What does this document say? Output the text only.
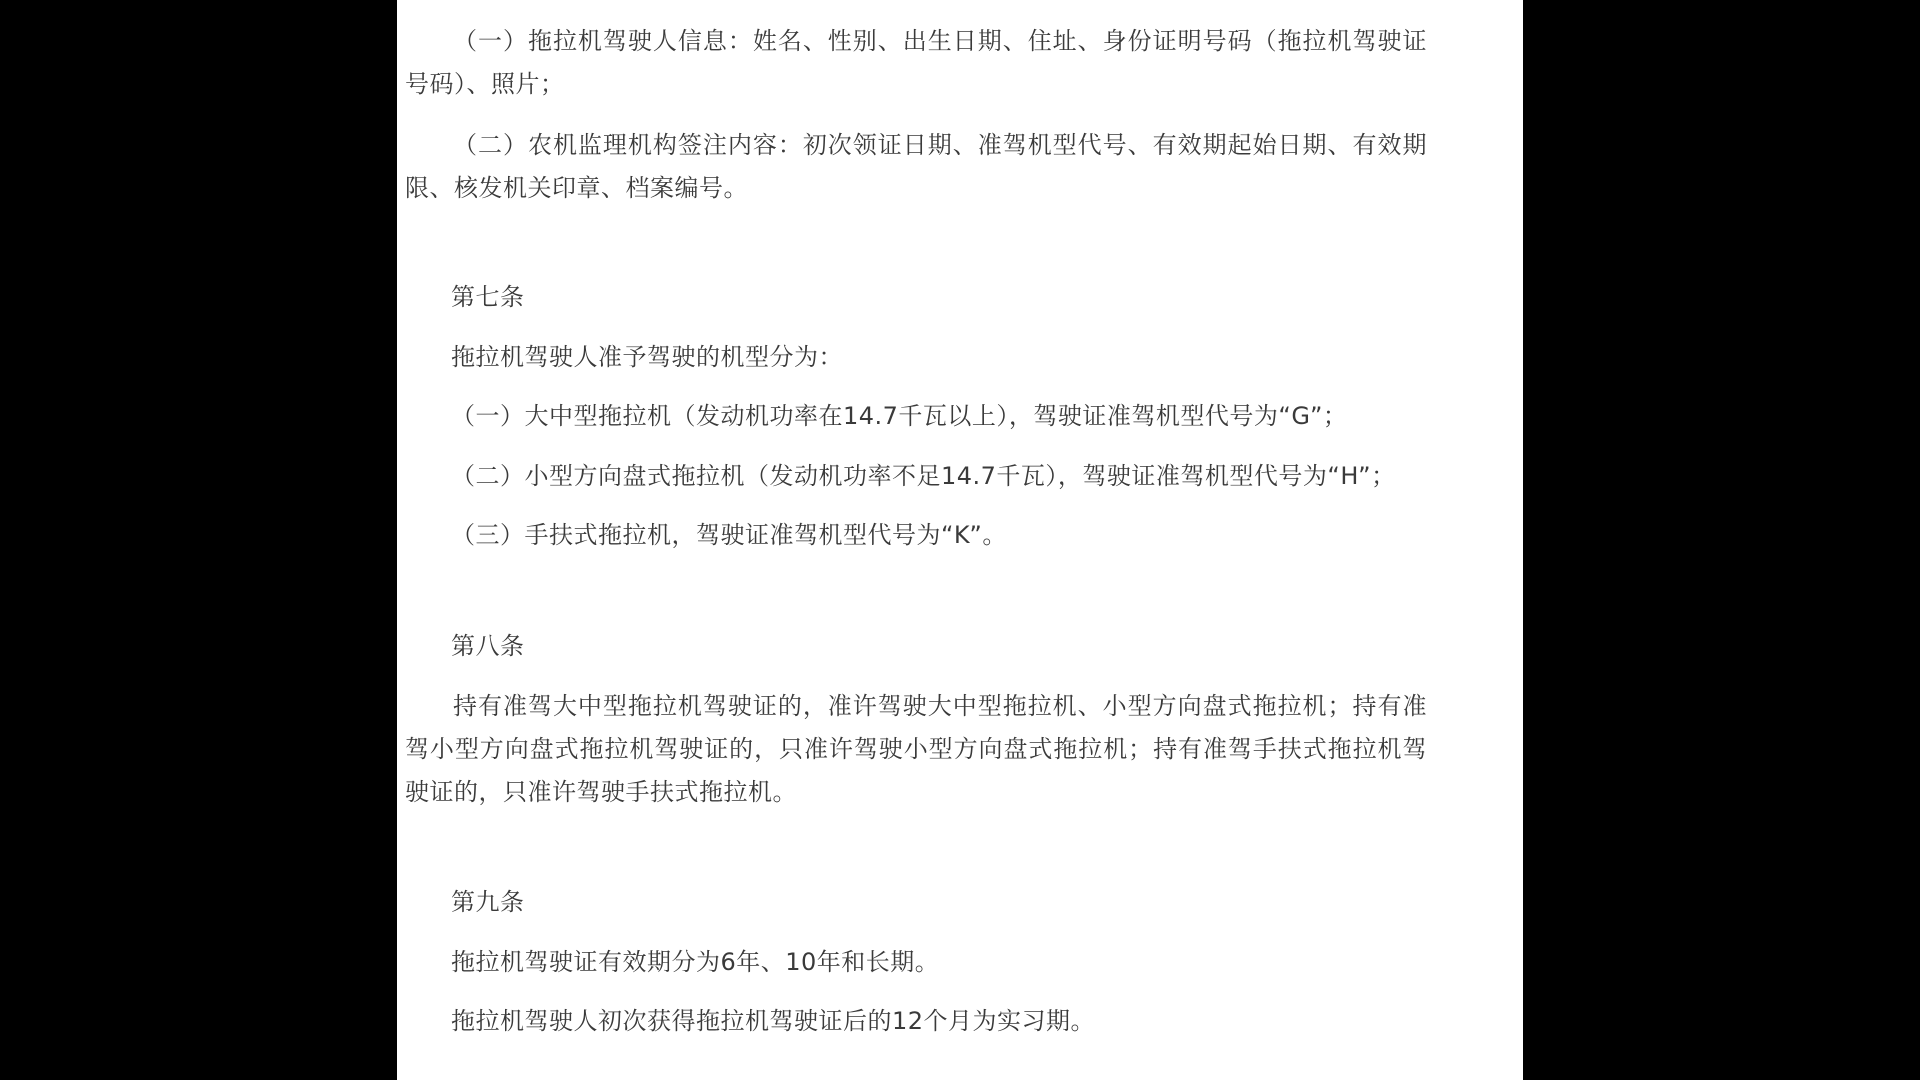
（一）拖拉机驾驶人信息：姓名、性别、出生日期、住址、身份证明号码（拖拉机驾驶证号码）、照片；

（二）农机监理机构签注内容：初次领证日期、准驾机型代号、有效期起始日期、有效期限、核发机关印章、档案编号。

第七条

拖拉机驾驶人准予驾驶的机型分为：

（一）大中型拖拉机（发动机功率在14.7千瓦以上），驾驶证准驾机型代号为“G”；

（二）小型方向盘式拖拉机（发动机功率不足14.7千瓦），驾驶证准驾机型代号为“H”；

（三）手扶式拖拉机，驾驶证准驾机型代号为“K”。

第八条

持有准驾大中型拖拉机驾驶证的，准许驾驶大中型拖拉机、小型方向盘式拖拉机；持有准驾小型方向盘式拖拉机驾驶证的，只准许驾驶小型方向盘式拖拉机；持有准驾手扶式拖拉机驾驶证的，只准许驾驶手扶式拖拉机。

第九条

拖拉机驾驶证有效期分为6年、10年和长期。

拖拉机驾驶人初次获得拖拉机驾驶证后的12个月为实习期。
